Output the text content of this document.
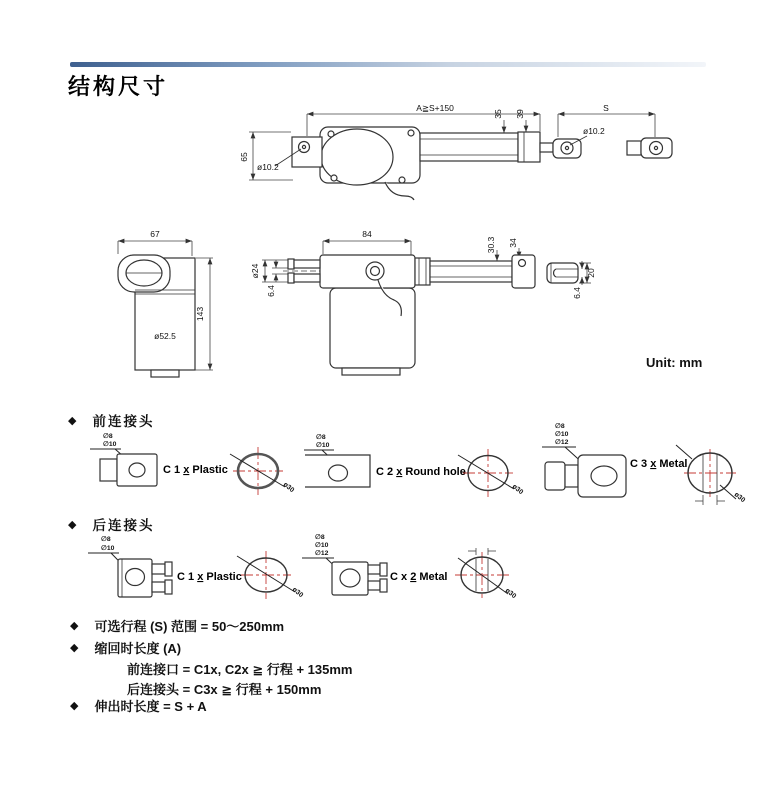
结构尺寸
A≧S+150	S
65
ø10.2
ø10.2
35 39
67
143
ø52.5
ø24
6.4
84
30.3 34
20
6.4
Unit: mm
◆ 前连接头
∅8
∅10
C 1 x Plastic
ø30
∅8
∅10
C 2 x Round hole
ø30
∅8
∅10
∅12
C 3 x Metal
ø30
◆ 后连接头
∅8
∅10
C 1 x Plastic
ø30
∅8
∅10
∅12
C x 2 Metal
ø30
◆ 可选行程 (S) 范围 = 50～250mm
◆ 缩回时长度 (A)
前连接口 = C1x, C2x ≧ 行程 + 135mm
后连接头 = C3x ≧ 行程 + 150mm
◆ 伸出时长度 = S + A
